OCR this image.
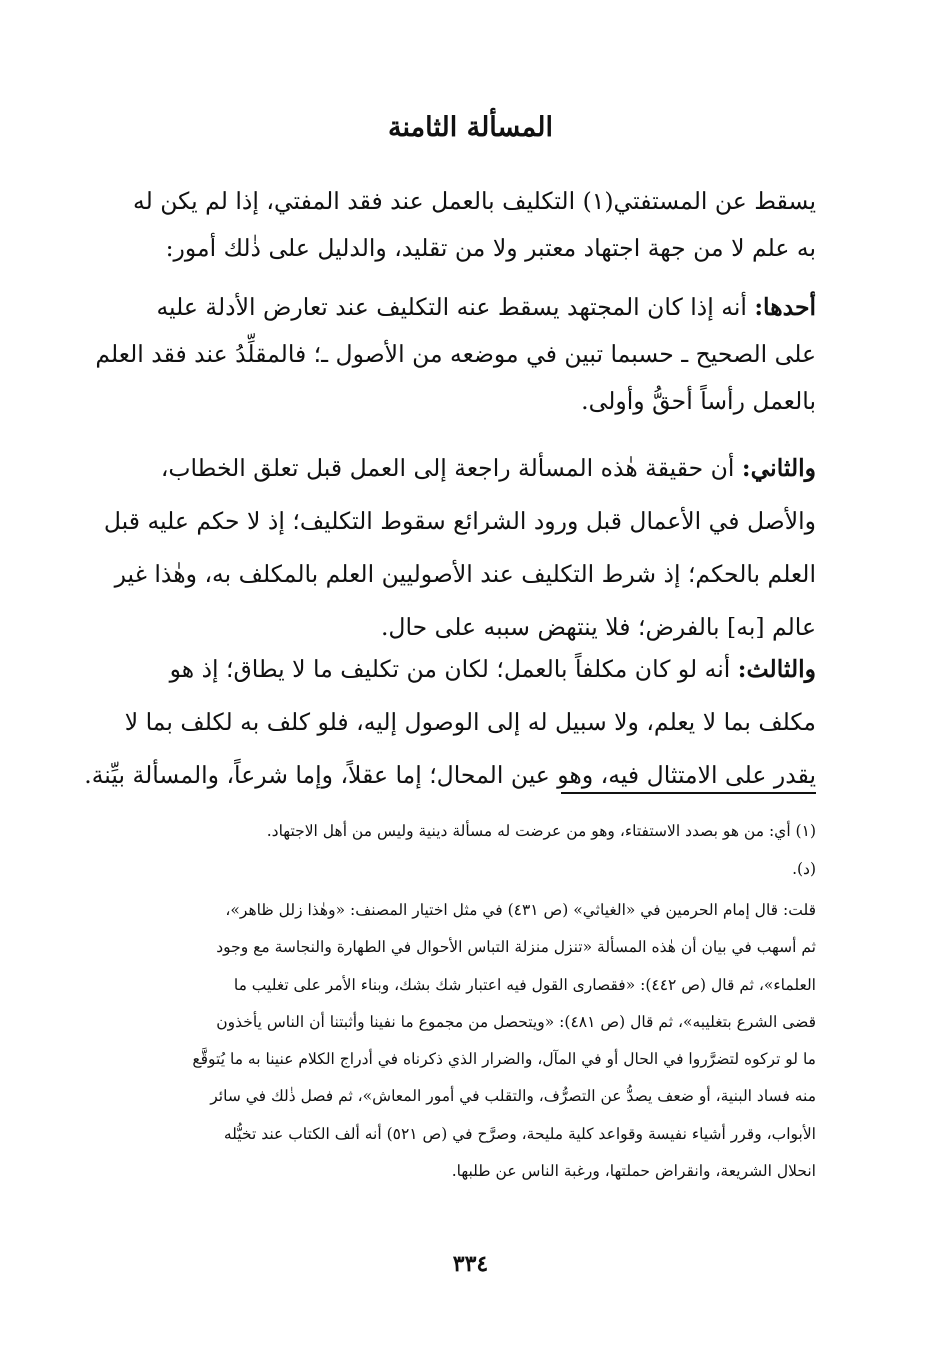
المسألة الثامنة

يسقط عن المستفتي(١) التكليف بالعمل عند فقد المفتي، إذا لم يكن له
به علم لا من جهة اجتهاد معتبر ولا من تقليد، والدليل على ذٰلك أمور:

أحدها: أنه إذا كان المجتهد يسقط عنه التكليف عند تعارض الأدلة عليه
على الصحيح ـ حسبما تبين في موضعه من الأصول ـ؛ فالمقلِّدُ عند فقد العلم
بالعمل رأساً أحقُّ وأولى.

والثاني: أن حقيقة هٰذه المسألة راجعة إلى العمل قبل تعلق الخطاب،
والأصل في الأعمال قبل ورود الشرائع سقوط التكليف؛ إذ لا حكم عليه قبل
العلم بالحكم؛ إذ شرط التكليف عند الأصوليين العلم بالمكلف به، وهٰذا غير
عالم [به] بالفرض؛ فلا ينتهض سببه على حال.

والثالث: أنه لو كان مكلفاً بالعمل؛ لكان من تكليف ما لا يطاق؛ إذ هو
مكلف بما لا يعلم، ولا سبيل له إلى الوصول إليه، فلو كلف به لكلف بما لا
يقدر على الامتثال فيه، وهو عين المحال؛ إما عقلاً، وإما شرعاً، والمسألة بيِّنة.

(١) أي: من هو بصدد الاستفتاء، وهو من عرضت له مسألة دينية وليس من أهل الاجتهاد.
(د).

قلت: قال إمام الحرمين في «الغياثي» (ص ٤٣١) في مثل اختيار المصنف: «وهٰذا زلل ظاهر»،
ثم أسهب في بيان أن هٰذه المسألة «تنزل منزلة التباس الأحوال في الطهارة والنجاسة مع وجود
العلماء»، ثم قال (ص ٤٤٢): «فقصارى القول فيه اعتبار شك بشك، وبناء الأمر على تغليب ما
قضى الشرع بتغليبه»، ثم قال (ص ٤٨١): «ويتحصل من مجموع ما نفينا وأثبتنا أن الناس يأخذون
ما لو تركوه لتضرَّروا في الحال أو في المآل، والضرار الذي ذكرناه في أدراج الكلام عنينا به ما يُتوقَّع
منه فساد البنية، أو ضعف يصدُّ عن التصرُّف، والتقلب في أمور المعاش»، ثم فصل ذٰلك في سائر
الأبواب، وقرر أشياء نفيسة وقواعد كلية مليحة، وصرَّح في (ص ٥٢١) أنه ألف الكتاب عند تخيُّله
انحلال الشريعة، وانقراض حملتها، ورغبة الناس عن طلبها.

٣٣٤
